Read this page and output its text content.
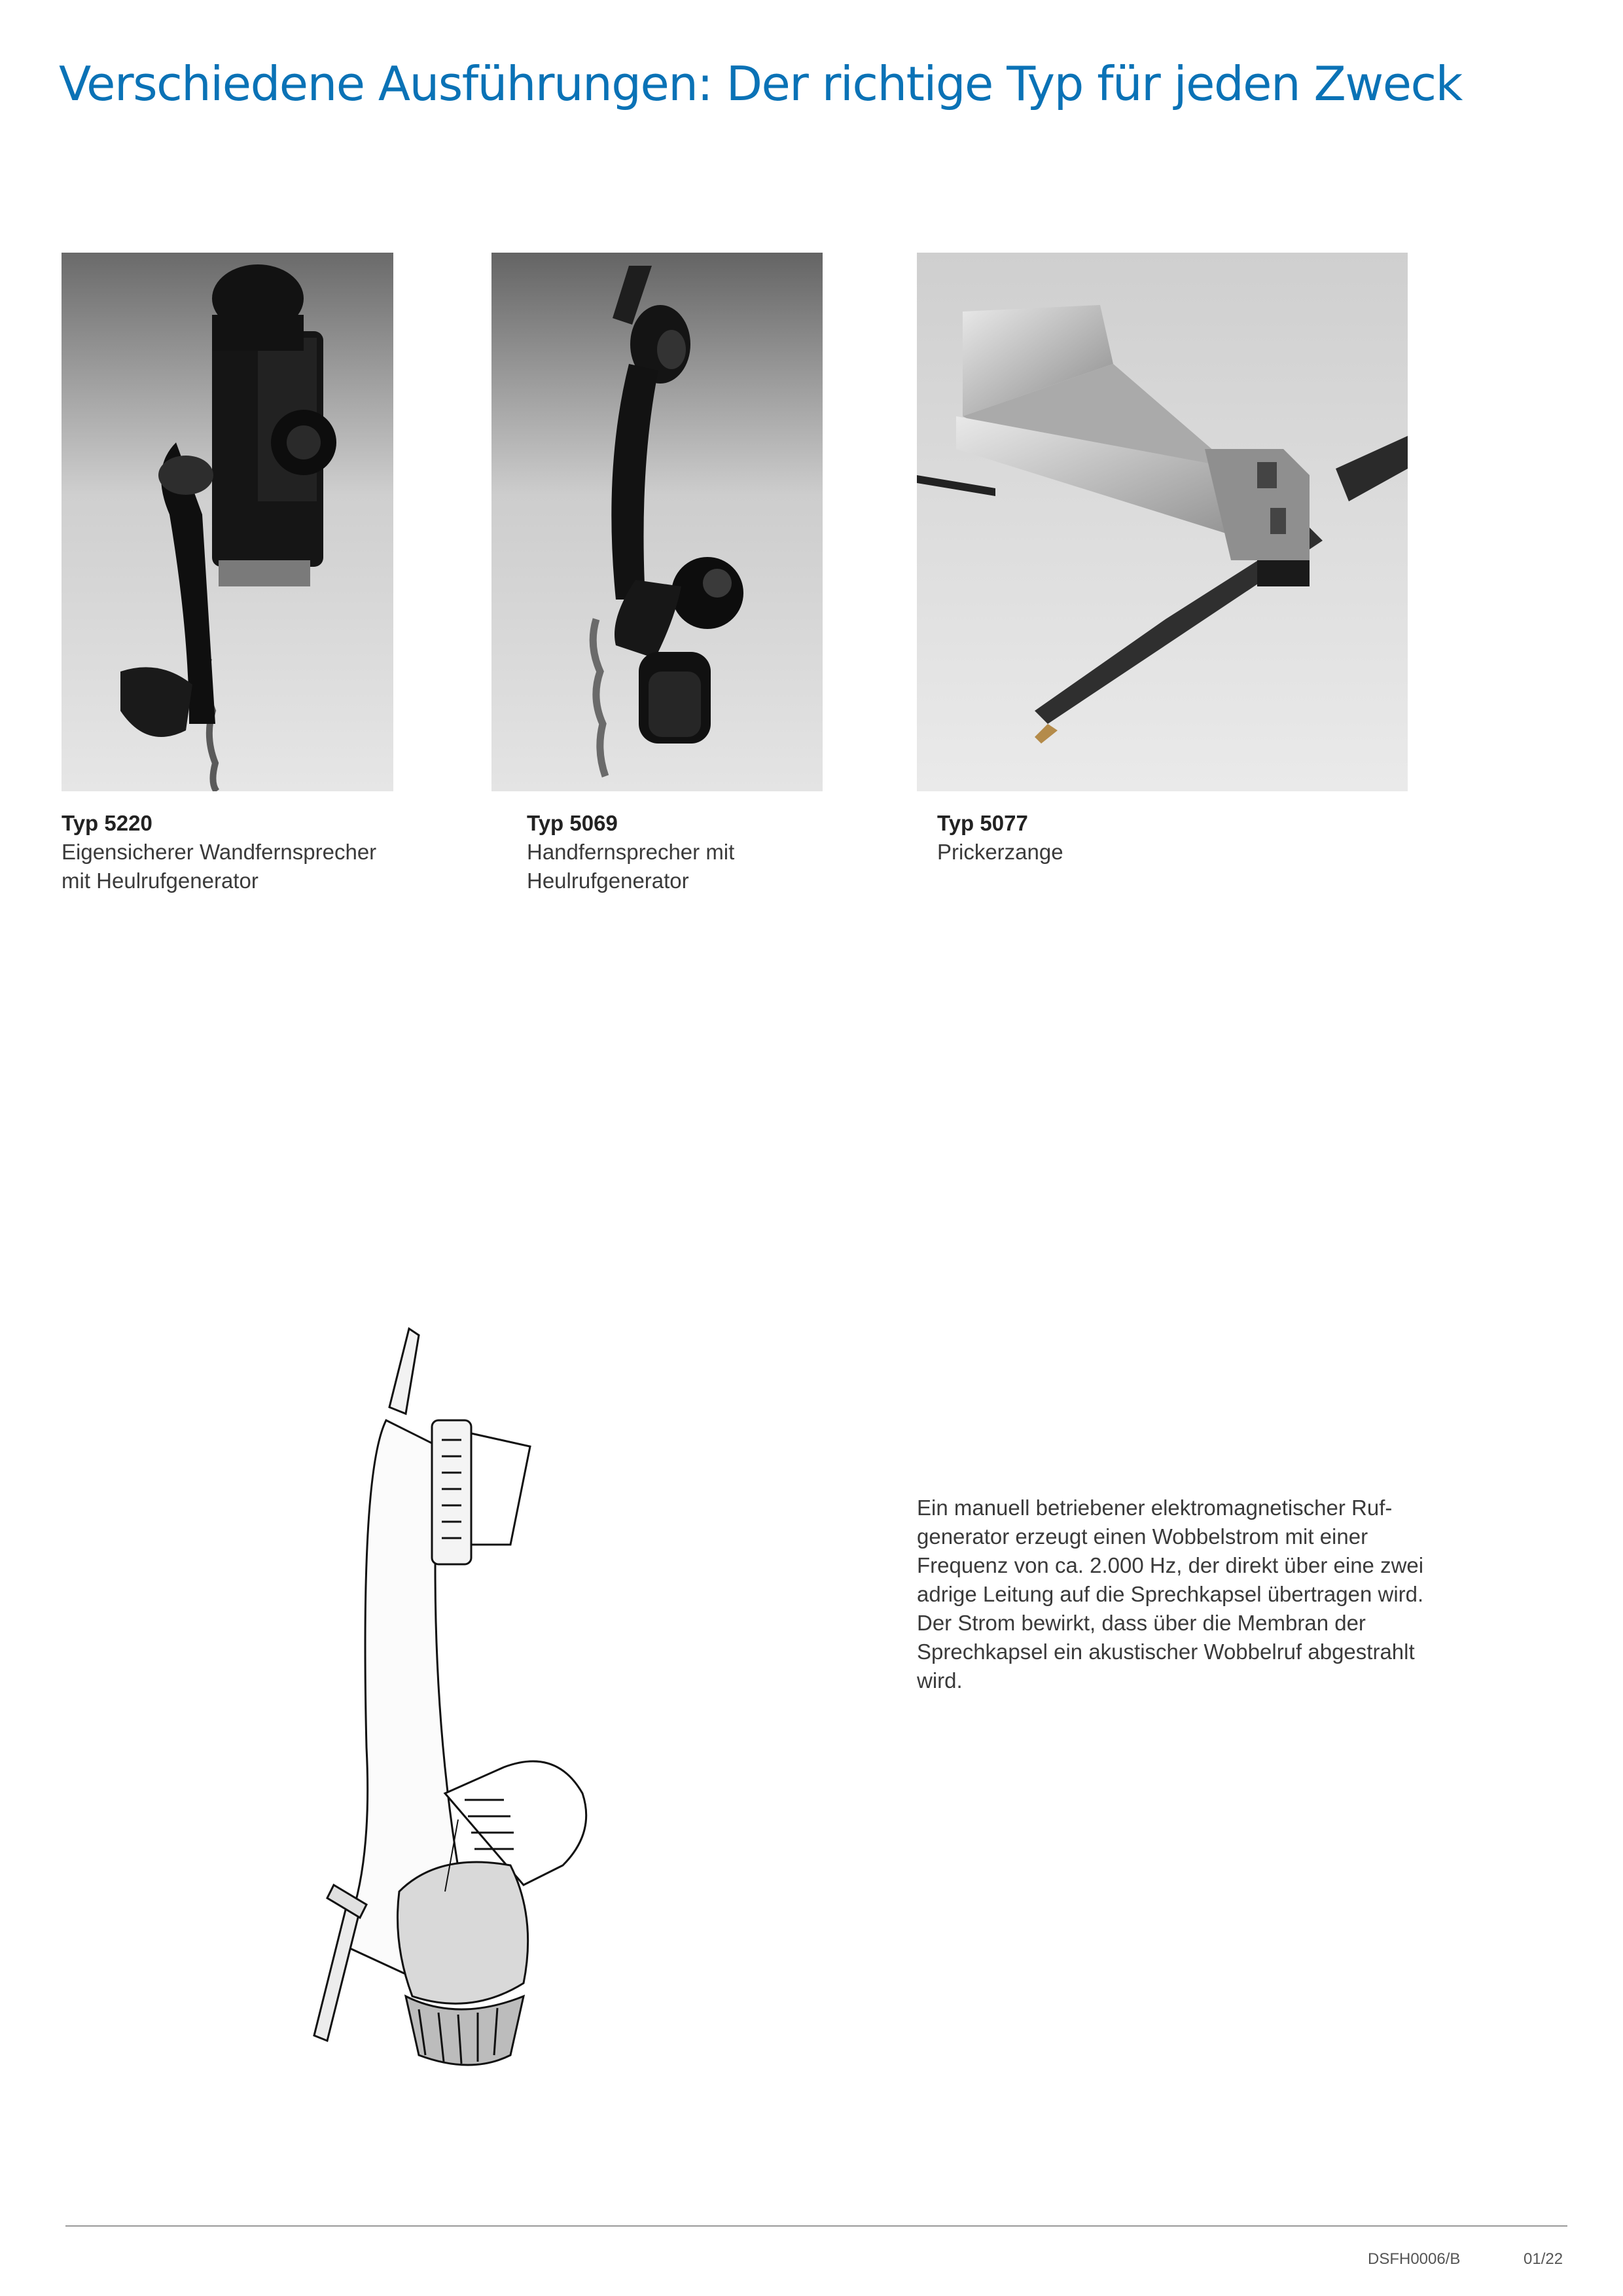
Verschiedene Ausführungen: Der richtige Typ für jeden Zweck
Typ 5220
Eigensicherer Wandfernsprecher
mit Heulrufgenerator
Typ 5069
Handfernsprecher mit
Heulrufgenerator
Typ 5077
Prickerzange

Ein manuell betriebener elektromagnetischer Ruf-
generator erzeugt einen Wobbelstrom mit einer
Frequenz von ca. 2.000 Hz, der direkt über eine zwei
adrige Leitung auf die Sprechkapsel übertragen wird.
Der Strom bewirkt, dass über die Membran der
Sprechkapsel ein akustischer Wobbelruf abgestrahlt
wird.

DSFH0006/B	01/22
